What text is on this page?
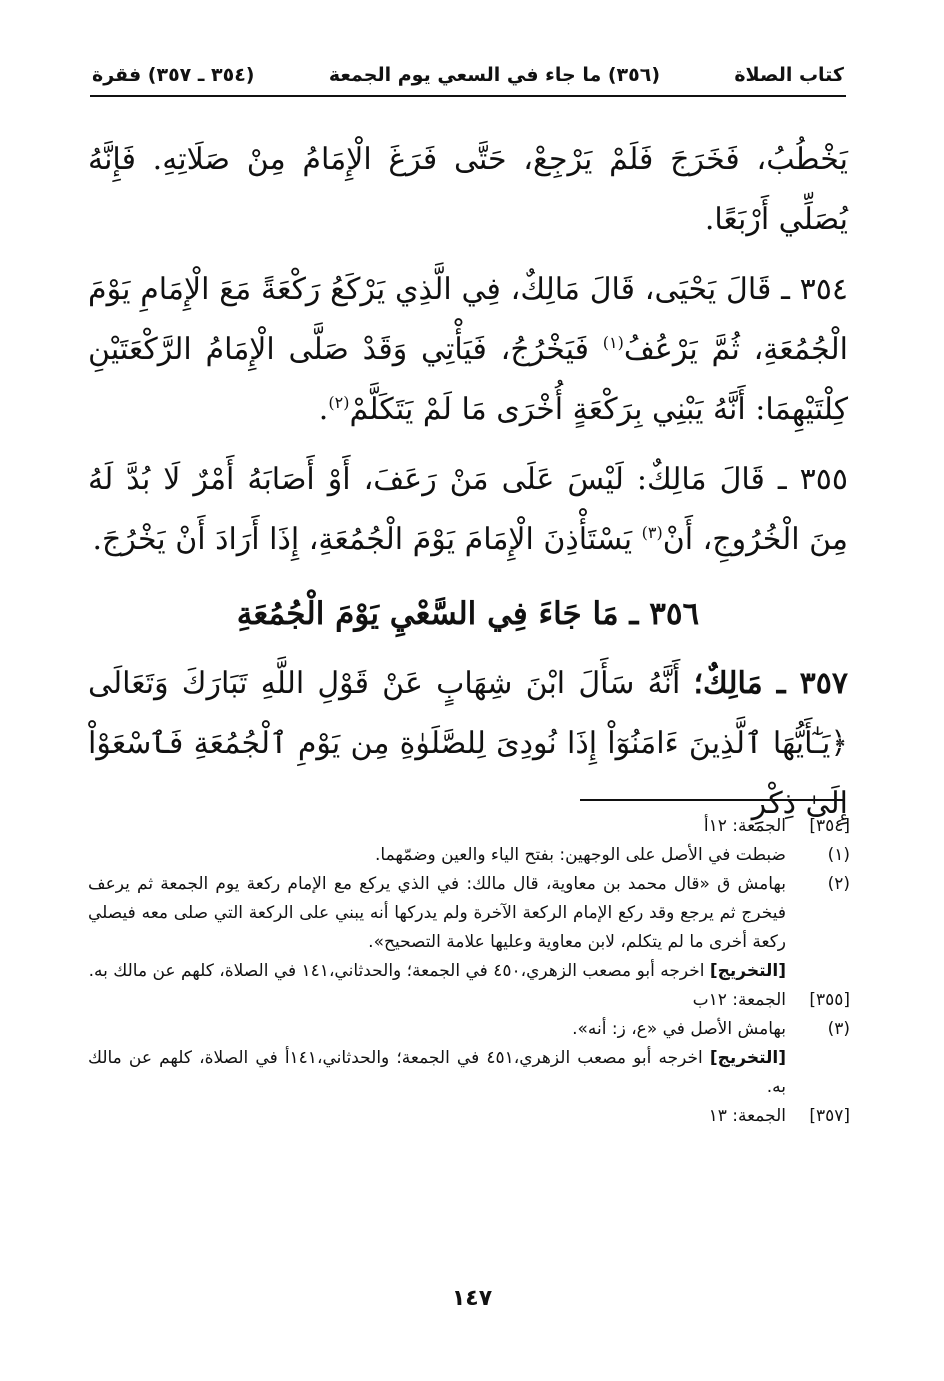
كتاب الصلاة
(٣٥٦) ما جاء في السعي يوم الجمعة
(٣٥٤ ـ ٣٥٧) فقرة

يَخْطُبُ، فَخَرَجَ فَلَمْ يَرْجِعْ، حَتَّى فَرَغَ الْإِمَامُ مِنْ صَلَاتِهِ. فَإِنَّهُ يُصَلِّي أَرْبَعًا.

٣٥٤ ـ قَالَ يَحْيَى، قَالَ مَالِكٌ، فِي الَّذِي يَرْكَعُ رَكْعَةً مَعَ الْإِمَامِ يَوْمَ الْجُمُعَةِ، ثُمَّ يَرْعُفُ$^{(١)}$ فَيَخْرُجُ، فَيَأْتِي وَقَدْ صَلَّى الْإِمَامُ الرَّكْعَتَيْنِ كِلْتَيْهِمَا: أَنَّهُ يَبْنِي بِرَكْعَةٍ أُخْرَى مَا لَمْ يَتَكَلَّمْ$^{(٢)}$.

٣٥٥ ـ قَالَ مَالِكٌ: لَيْسَ عَلَى مَنْ رَعَفَ، أَوْ أَصَابَهُ أَمْرٌ لَا بُدَّ لَهُ مِنَ الْخُرُوجِ، أَنْ$^{(٣)}$ يَسْتَأْذِنَ الْإِمَامَ يَوْمَ الْجُمُعَةِ، إِذَا أَرَادَ أَنْ يَخْرُجَ.

٣٥٦ ـ مَا جَاءَ فِي السَّعْيِ يَوْمَ الْجُمُعَةِ

٣٥٧ ـ مَالِكٌ؛ أَنَّهُ سَأَلَ ابْنَ شِهَابٍ عَنْ قَوْلِ اللَّهِ تَبَارَكَ وَتَعَالَى ﴿يَـٰٓأَيُّهَا ٱلَّذِينَ ءَامَنُوٓاْ إِذَا نُودِىَ لِلصَّلَوٰةِ مِن يَوْمِ ٱلْجُمُعَةِ فَٱسْعَوْاْ إِلَىٰ ذِكْرِ

[٣٥٤]
الجمعة: ١٢أ
(١)
ضبطت في الأصل على الوجهين: بفتح الياء والعين وضمّهما.
(٢)
بهامش ق «قال محمد بن معاوية، قال مالك: في الذي يركع مع الإمام ركعة يوم الجمعة ثم يرعف فيخرج ثم يرجع وقد ركع الإمام الركعة الآخرة ولم يدركها أنه يبني على الركعة التي صلى معه فيصلي ركعة أخرى ما لم يتكلم، لابن معاوية وعليها علامة التصحيح».
[التخريج] اخرجه أبو مصعب الزهري،٤٥٠ في الجمعة؛ والحدثاني،١٤١ في الصلاة، كلهم عن مالك به.
[٣٥٥]
الجمعة: ١٢ب
(٣)
بهامش الأصل في «ع، ز: أنه».
[التخريج] اخرجه أبو مصعب الزهري،٤٥١ في الجمعة؛ والحدثاني،١٤١أ في الصلاة، كلهم عن مالك به.
[٣٥٧]
الجمعة: ١٣
١٤٧
